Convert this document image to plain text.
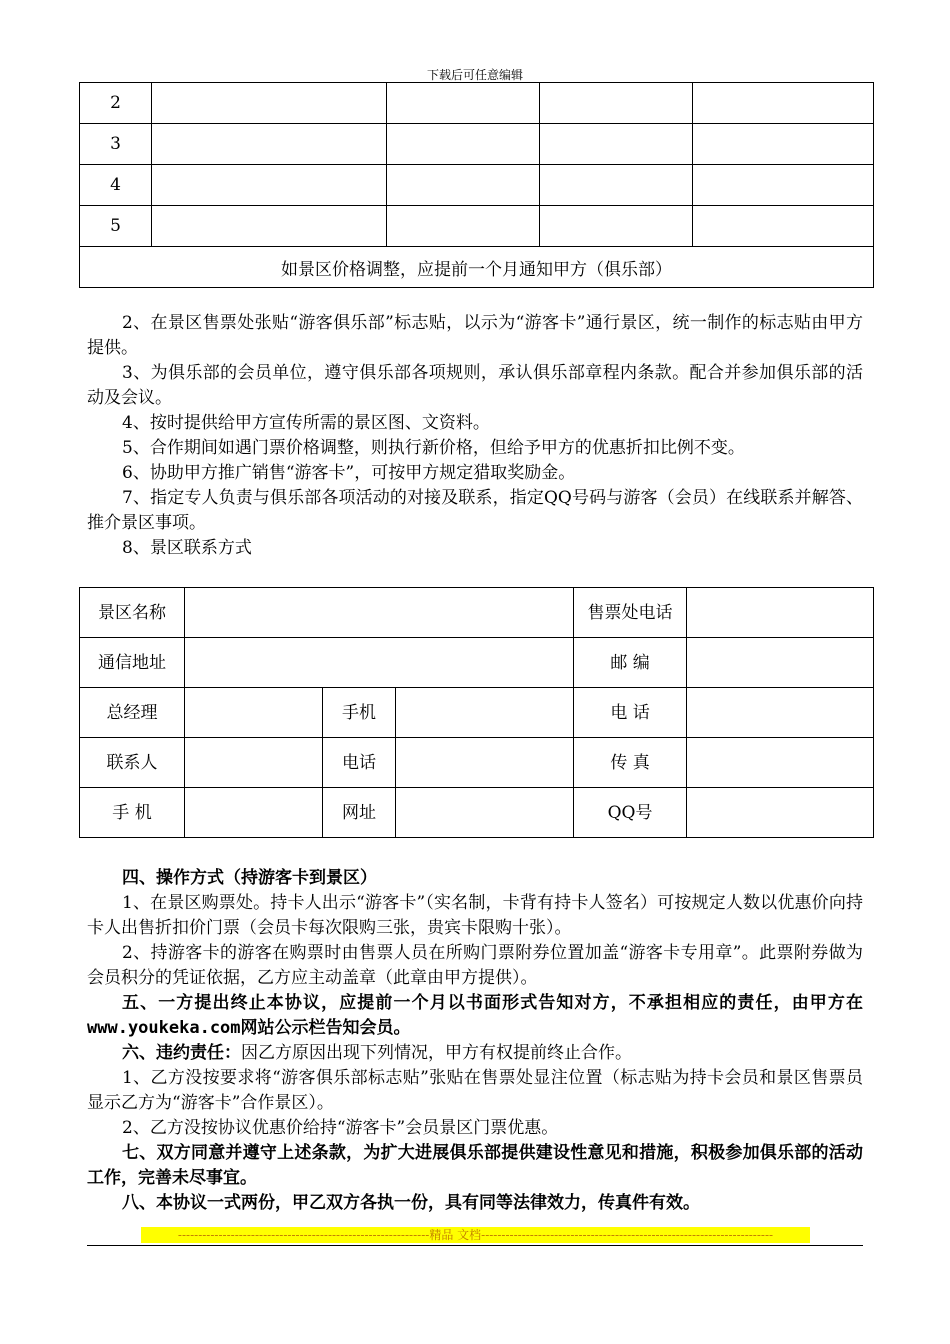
下载后可任意编辑
2				
3				
4				
5				
如景区价格调整，应提前一个月通知甲方（俱乐部）				

2、在景区售票处张贴“游客俱乐部”标志贴，以示为“游客卡”通行景区，统一制作的标志贴由甲方提供。

3、为俱乐部的会员单位，遵守俱乐部各项规则，承认俱乐部章程内条款。配合并参加俱乐部的活动及会议。

4、按时提供给甲方宣传所需的景区图、文资料。

5、合作期间如遇门票价格调整，则执行新价格，但给予甲方的优惠折扣比例不变。

6、协助甲方推广销售“游客卡”，可按甲方规定猎取奖励金。

7、指定专人负责与俱乐部各项活动的对接及联系，指定QQ号码与游客（会员）在线联系并解答、推介景区事项。

8、景区联系方式

景区名称				售票处电话	
通信地址				邮 编	
总经理		手机		电 话	
联系人		电话		传 真	
手 机		网址		QQ号	

四、操作方式（持游客卡到景区）

1、在景区购票处。持卡人出示“游客卡”（实名制，卡背有持卡人签名）可按规定人数以优惠价向持卡人出售折扣价门票（会员卡每次限购三张，贵宾卡限购十张）。

2、持游客卡的游客在购票时由售票人员在所购门票附券位置加盖“游客卡专用章”。此票附券做为会员积分的凭证依据，乙方应主动盖章（此章由甲方提供）。

五、一方提出终止本协议，应提前一个月以书面形式告知对方，不承担相应的责任，由甲方在www.youkeka.com网站公示栏告知会员。

六、违约责任：因乙方原因出现下列情况，甲方有权提前终止合作。

1、乙方没按要求将“游客俱乐部标志贴”张贴在售票处显注位置（标志贴为持卡会员和景区售票员显示乙方为“游客卡”合作景区）。

2、乙方没按协议优惠价给持“游客卡”会员景区门票优惠。

七、双方同意并遵守上述条款，为扩大进展俱乐部提供建设性意见和措施，积极参加俱乐部的活动工作，完善未尽事宜。

八、本协议一式两份，甲乙双方各执一份，具有同等法律效力，传真件有效。

--------------------------------------------------------------精品 文档------------------------------------------------------------------------
